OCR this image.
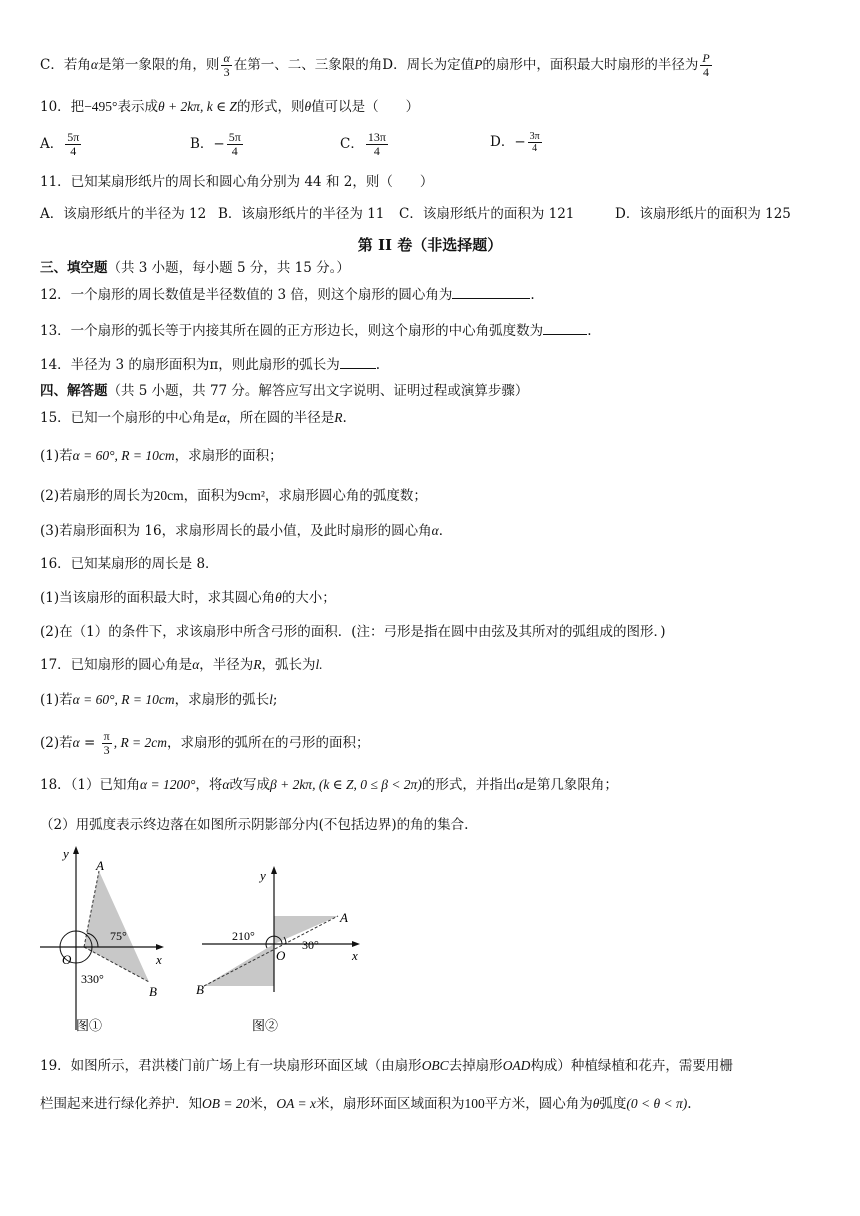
C．若角α是第一象限的角，则 $\frac{\alpha}{3}$ 在第一、二、三象限的角D．周长为定值P的扇形中，面积最大时扇形的半径为 $\frac{P}{4}$
10．把−495°表示成θ + 2kπ, k ∈ Z的形式，则θ值可以是（　　）
A． $\frac{5\pi}{4}$	B．− $\frac{5\pi}{4}$	C． $\frac{13\pi}{4}$	D．− $\frac{3\pi}{4}$
11．已知某扇形纸片的周长和圆心角分别为 44 和 2，则（　　）
A．该扇形纸片的半径为 12 B．该扇形纸片的半径为 11 C．该扇形纸片的面积为 121	D．该扇形纸片的面积为 125
第 II 卷（非选择题）
三、填空题（共 3 小题，每小题 5 分，共 15 分。）
12．一个扇形的周长数值是半径数值的 3 倍，则这个扇形的圆心角为	.
13．一个扇形的弧长等于内接其所在圆的正方形边长，则这个扇形的中心角弧度数为	.
14．半径为 3 的扇形面积为π，则此扇形的弧长为	.
四、解答题（共 5 小题，共 77 分。解答应写出文字说明、证明过程或演算步骤）
15．已知一个扇形的中心角是α，所在圆的半径是R.
(1)若α = 60°, R = 10cm，求扇形的面积；
(2)若扇形的周长为20cm，面积为9cm²，求扇形圆心角的弧度数；
(3)若扇形面积为 16，求扇形周长的最小值，及此时扇形的圆心角α．
16．已知某扇形的周长是 8．
(1)当该扇形的面积最大时，求其圆心角θ的大小；
(2)在（1）的条件下，求该扇形中所含弓形的面积．(注：弓形是指在圆中由弦及其所对的弧组成的图形．)
17．已知扇形的圆心角是α，半径为R，弧长为l.
(1)若α = 60°, R = 10cm，求扇形的弧长l;
(2)若$\alpha = \frac{\pi}{3}$ , R = 2cm，求扇形的弧所在的弓形的面积；
18．（1）已知角α = 1200°，将α改写成β + 2kπ, (k ∈ Z, 0 ≤ β < 2π)的形式，并指出α是第几象限角；
（2）用弧度表示终边落在如图所示阴影部分内(不包括边界)的角的集合.
A
B
O	x
y
75°
330°
图①
A
B
O	x
y
210°
30°
图②
19．如图所示，君洪楼门前广场上有一块扇形环面区域（由扇形OBC去掉扇形OAD构成）种植绿植和花卉，需要用栅
栏围起来进行绿化养护．知OB = 20米，OA = x米，扇形环面区域面积为100平方米，圆心角为θ弧度(0 < θ < π).
